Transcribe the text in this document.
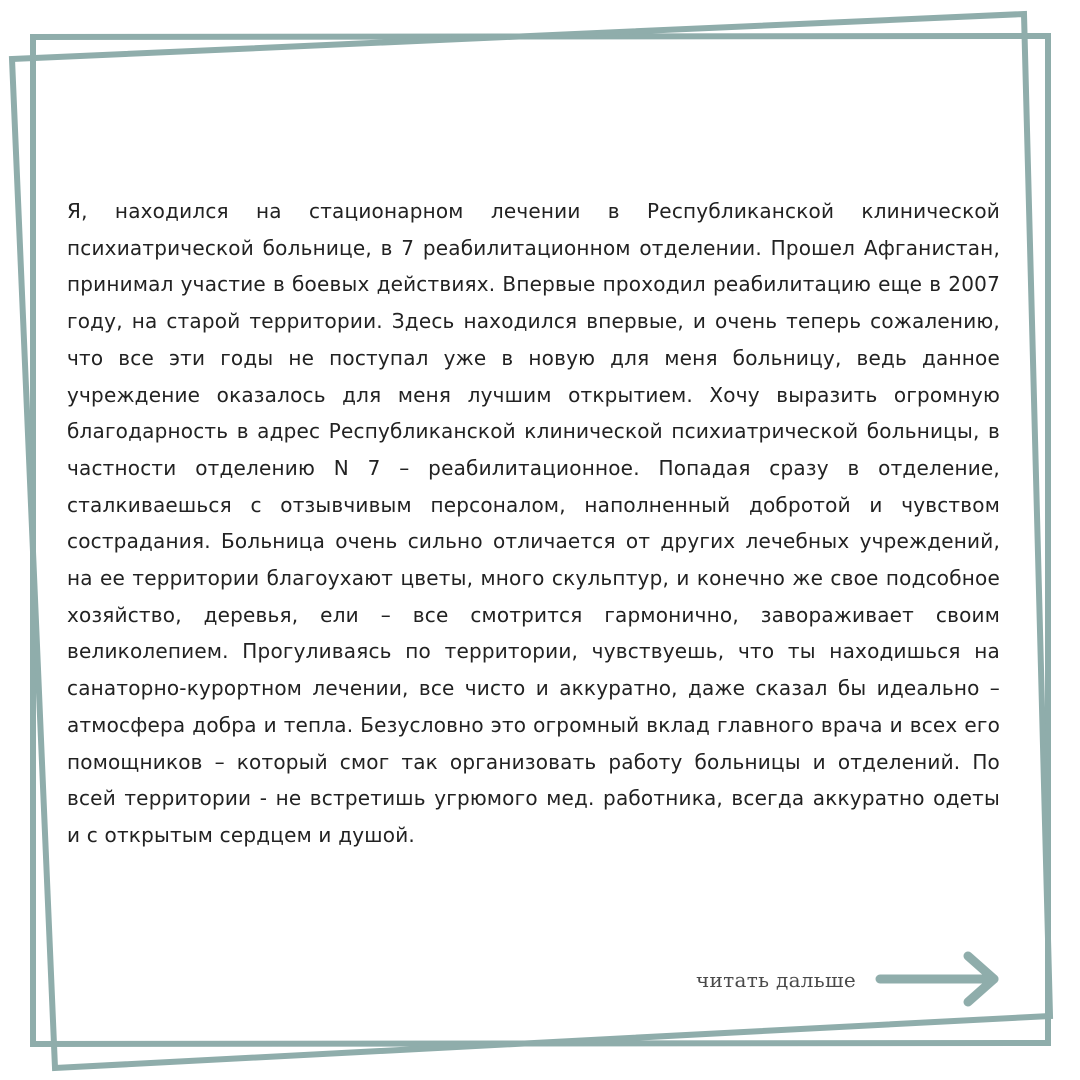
Я, находился на стационарном лечении в Республиканской клинической психиатрической больнице, в 7 реабилитационном отделении. Прошел Афганистан, принимал участие в боевых действиях. Впервые проходил реабилитацию еще в 2007 году, на старой территории. Здесь находился впервые, и очень теперь сожалению, что все эти годы не поступал уже в новую для меня больницу, ведь данное учреждение оказалось для меня лучшим открытием. Хочу выразить огромную благодарность в адрес Республиканской клинической психиатрической больницы, в частности отделению N 7 – реабилитационное. Попадая сразу в отделение, сталкиваешься с отзывчивым персоналом, наполненный добротой и чувством сострадания. Больница очень сильно отличается от других лечебных учреждений, на ее территории благоухают цветы, много скульптур, и конечно же свое подсобное хозяйство, деревья, ели – все смотрится гармонично, завораживает своим великолепием. Прогуливаясь по территории, чувствуешь, что ты находишься на санаторно-курортном лечении, все чисто и аккуратно, даже сказал бы идеально – атмосфера добра и тепла. Безусловно это огромный вклад главного врача и всех его помощников – который смог так организовать работу больницы и отделений. По всей территории - не встретишь угрюмого мед. работника, всегда аккуратно одеты и с открытым сердцем и душой.

читать дальше
